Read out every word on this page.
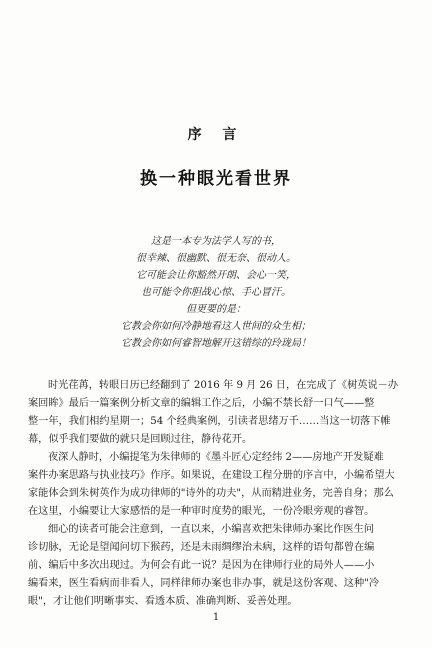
序 言
换一种眼光看世界
这是一本专为法学人写的书，
很幸辣、很幽默、很无奈、很动人。
它可能会让你豁然开朗、会心一笑，
也可能令你胆战心惊、手心冒汗。
但更要的是：
它教会你如何冷静地看这人世间的众生相；
它教会你如何睿智地解开这错综的玲珑局！
时光荏苒，转眼日历已经翻到了 2016 年 9 月 26 日，在完成了《树英说－办
案回眸》最后一篇案例分析文章的编辑工作之后，小编不禁长舒一口气——整
整一年，我们相约星期一；54 个经典案例，引读者思绪万千……当这一切落下帷
幕，似乎我们要做的就只是回顾过往，静待花开。
夜深人静时，小编提笔为朱律师的《墨斗匠心定经纬 2——房地产开发疑难
案件办案思路与执业技巧》作序。如果说，在建设工程分册的序言中，小编希望大
家能体会到朱树英作为成功律师的"诗外的功夫"，从而精进业务，完善自身；那么
在这里，小编要让大家感悟的是一种审时度势的眼光，一份冷眼旁观的睿智。
细心的读者可能会注意到，一直以来，小编喜欢把朱律师办案比作医生问
诊切脉，无论是望闻问切下猴药，还是未雨绸缪治未病，这样的语句都曾在编
前、编后中多次出现过。为何会有此一说？是因为在律师行业的局外人——小
编看来，医生看病而非看人，同样律师办案也非办事，就是这份客观、这种"冷
眼"，才让他们明晰事实、看透本质、准确判断、妥善处理。
1
